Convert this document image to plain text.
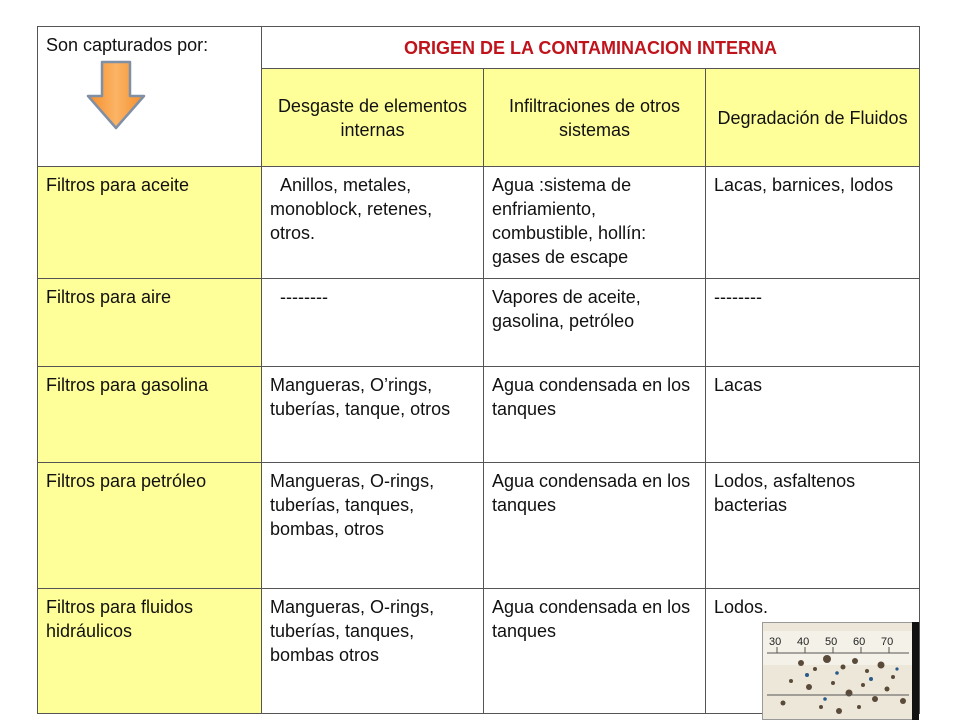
Son capturados por:	ORIGEN DE LA CONTAMINACION INTERNA		
	Desgaste de elementos internas	Infiltraciones de otros sistemas	Degradación de Fluidos
Filtros para aceite	Anillos, metales, monoblock, retenes, otros.	Agua :sistema de enfriamiento, combustible, hollín: gases de escape	Lacas, barnices, lodos
Filtros para aire	--------	Vapores de aceite, gasolina, petróleo	--------
Filtros para gasolina	Mangueras, O’rings, tuberías, tanque, otros	Agua condensada en los tanques	Lacas
Filtros para petróleo	Mangueras, O-rings, tuberías, tanques, bombas, otros	Agua condensada en los tanques	Lodos, asfaltenos bacterias
Filtros para fluidos hidráulicos	Mangueras, O-rings, tuberías, tanques, bombas otros	Agua condensada en los tanques	Lodos.
30 40 50 60 70
